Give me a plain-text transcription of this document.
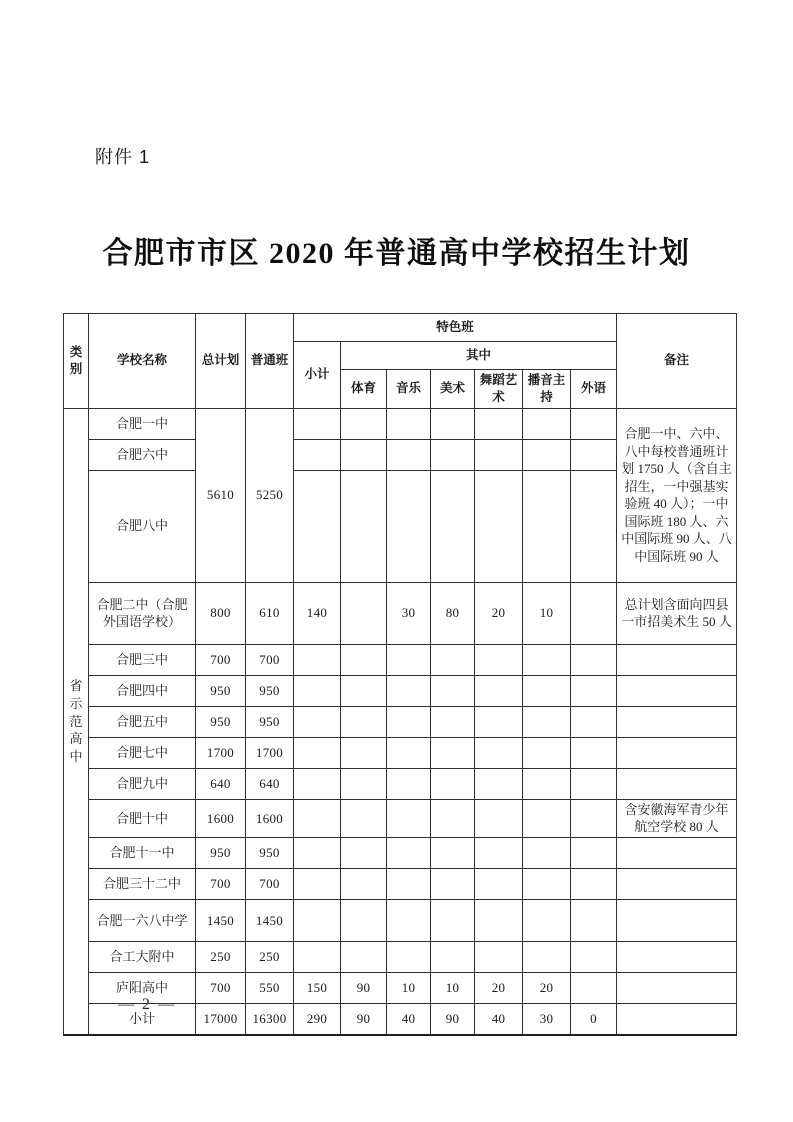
附件 1
合肥市市区 2020 年普通高中学校招生计划
类别	学校名称	总计划	普通班	特色班							备注
				小计	其中						
					体育	音乐	美术	舞蹈艺术	播音主持	外语	
省示范高中	合肥一中	5610	5250								合肥一中、六中、八中每校普通班计划 1750 人（含自主招生，一中强基实验班 40 人）；一中国际班 180 人、六中国际班 90 人、八中国际班 90 人
	合肥六中										
	合肥八中										
	合肥二中（合肥外国语学校）	800	610	140		30	80	20	10		总计划含面向四县一市招美术生 50 人
	合肥三中	700	700								
	合肥四中	950	950								
	合肥五中	950	950								
	合肥七中	1700	1700								
	合肥九中	640	640								
	合肥十中	1600	1600								含安徽海军青少年航空学校 80 人
	合肥十一中	950	950								
	合肥三十二中	700	700								
	合肥一六八中学	1450	1450								
	合工大附中	250	250								
	庐阳高中	700	550	150	90	10	10	20	20		
	小计	17000	16300	290	90	40	90	40	30	0	
— 2 —
